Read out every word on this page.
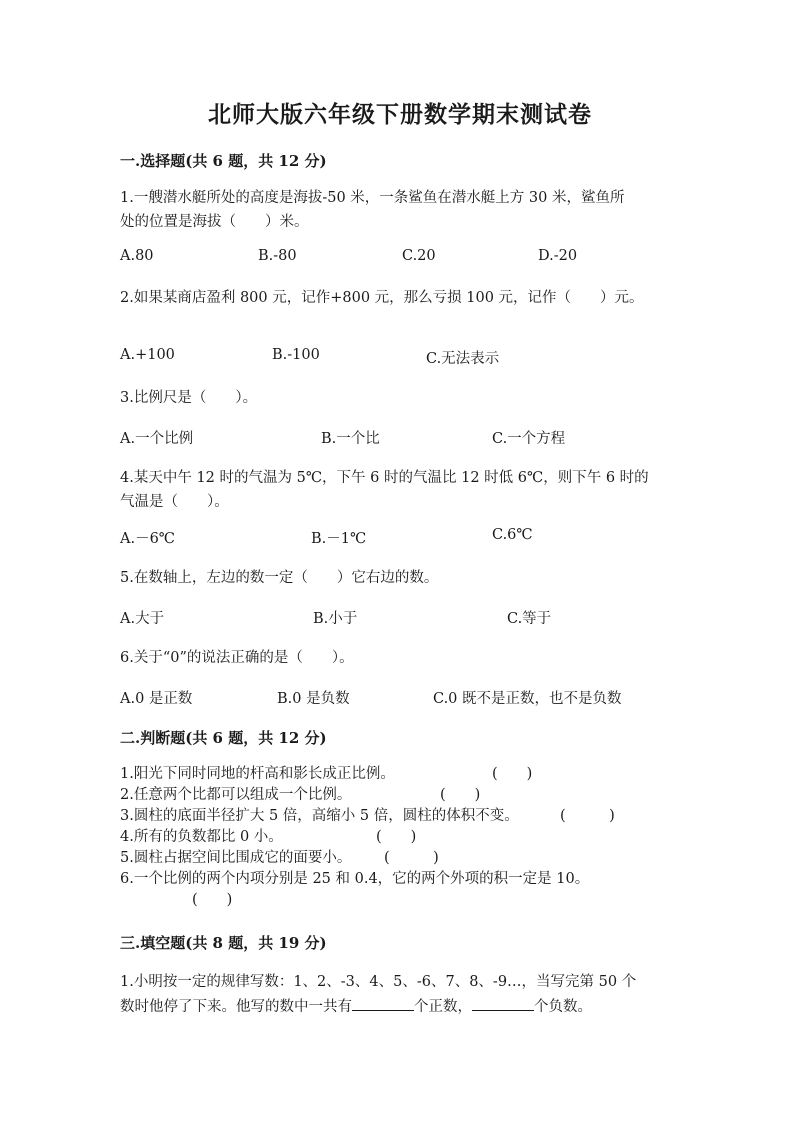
北师大版六年级下册数学期末测试卷
一.选择题(共 6 题，共 12 分)
1.一艘潜水艇所处的高度是海拔-50 米，一条鲨鱼在潜水艇上方 30 米，鲨鱼所
处的位置是海拔（　　）米。
A.80	B.-80	C.20	D.-20
2.如果某商店盈利 800 元，记作+800 元，那么亏损 100 元，记作（　　）元。
A.+100	B.-100	C.无法表示
3.比例尺是（　　）。
A.一个比例	B.一个比	C.一个方程
4.某天中午 12 时的气温为 5℃，下午 6 时的气温比 12 时低 6℃，则下午 6 时的
气温是（　　）。
A.－6℃	B.－1℃	C.6℃
5.在数轴上，左边的数一定（　　）它右边的数。
A.大于	B.小于	C.等于
6.关于“0”的说法正确的是（　　）。
A.0 是正数	B.0 是负数	C.0 既不是正数，也不是负数
二.判断题(共 6 题，共 12 分)
1.阳光下同时同地的杆高和影长成正比例。	(　　)
2.任意两个比都可以组成一个比例。	(　　)
3.圆柱的底面半径扩大 5 倍，高缩小 5 倍，圆柱的体积不变。	(　　　)
4.所有的负数都比 0 小。	(　　)
5.圆柱占据空间比围成它的面要小。 (　　　)
6.一个比例的两个内项分别是 25 和 0.4，它的两个外项的积一定是 10。
(　　)
三.填空题(共 8 题，共 19 分)
1.小明按一定的规律写数：1、2、-3、4、5、-6、7、8、-9…，当写完第 50 个
数时他停了下来。他写的数中一共有	个正数，	个负数。
